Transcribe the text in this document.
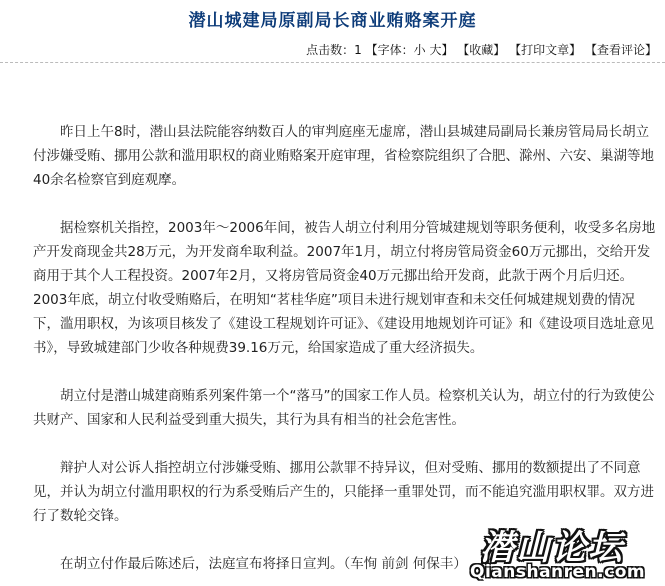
潜山城建局原副局长商业贿赂案开庭
点击数：1 【字体：小 大】 【收藏】 【打印文章】 【查看评论】

昨日上午8时，潜山县法院能容纳数百人的审判庭座无虚席，潜山县城建局副局长兼房管局局长胡立付涉嫌受贿、挪用公款和滥用职权的商业贿赂案开庭审理，省检察院组织了合肥、滁州、六安、巢湖等地40余名检察官到庭观摩。

据检察机关指控，2003年～2006年间，被告人胡立付利用分管城建规划等职务便利，收受多名房地产开发商现金共28万元，为开发商牟取利益。2007年1月，胡立付将房管局资金60万元挪出，交给开发商用于其个人工程投资。2007年2月，又将房管局资金40万元挪出给开发商，此款于两个月后归还。2003年底，胡立付收受贿赂后，在明知“茗桂华庭”项目未进行规划审查和未交任何城建规划费的情况下，滥用职权，为该项目核发了《建设工程规划许可证》、《建设用地规划许可证》和《建设项目选址意见书》，导致城建部门少收各种规费39.16万元，给国家造成了重大经济损失。

胡立付是潜山城建商贿系列案件第一个“落马”的国家工作人员。检察机关认为，胡立付的行为致使公共财产、国家和人民利益受到重大损失，其行为具有相当的社会危害性。

辩护人对公诉人指控胡立付涉嫌受贿、挪用公款罪不持异议，但对受贿、挪用的数额提出了不同意见，并认为胡立付滥用职权的行为系受贿后产生的，只能择一重罪处罚，而不能追究滥用职权罪。双方进行了数轮交锋。

在胡立付作最后陈述后，法庭宣布将择日宣判。（车恂 前剑 何保丰） 潜山论坛
Qianshanren.com
